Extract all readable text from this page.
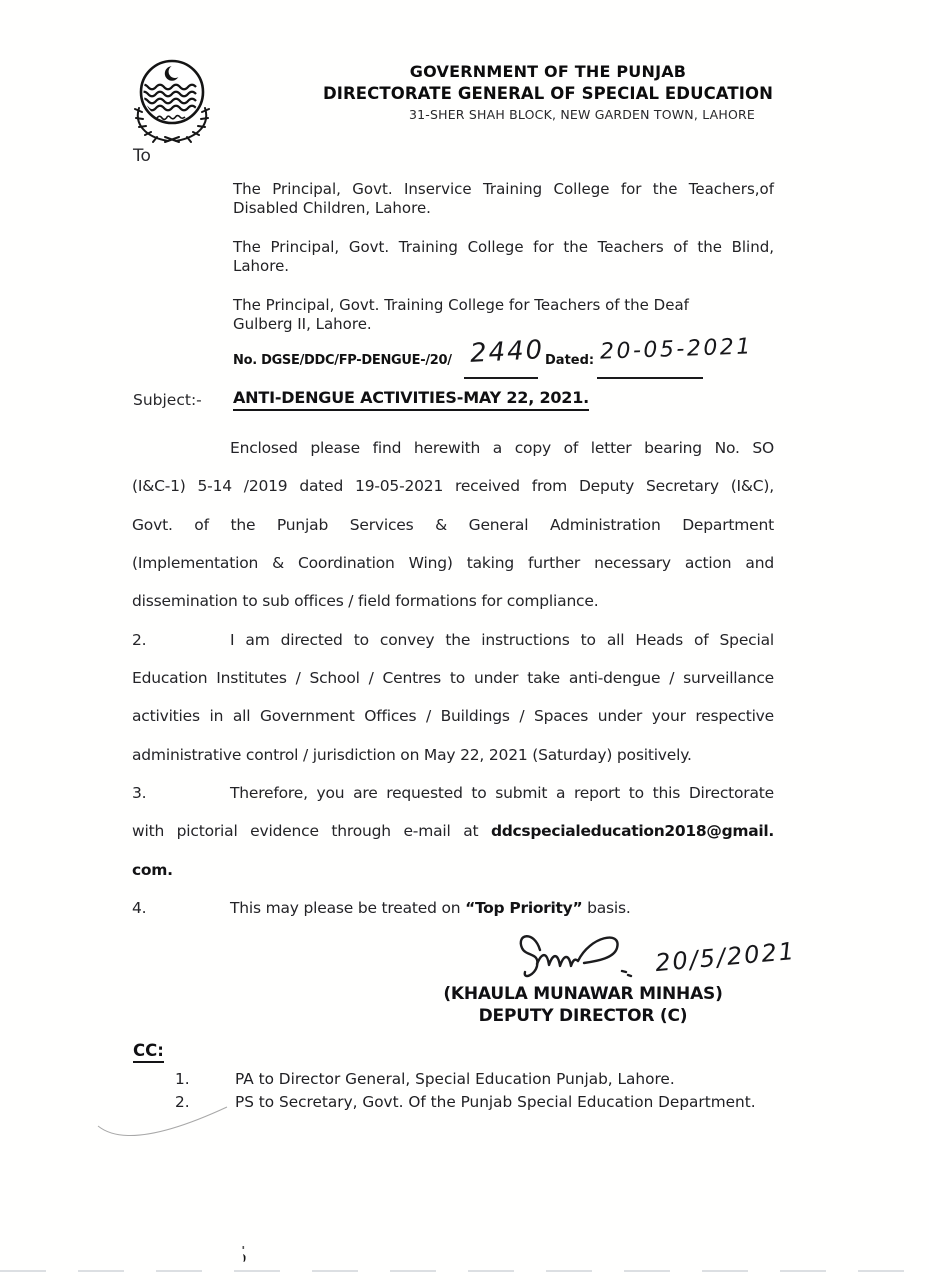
GOVERNMENT OF THE PUNJAB
DIRECTORATE GENERAL OF SPECIAL EDUCATION
31-SHER SHAH BLOCK, NEW GARDEN TOWN, LAHORE
To
The Principal, Govt. Inservice Training College for the Teachers,of
Disabled Children, Lahore.
The Principal, Govt. Training College for the Teachers of the Blind,
Lahore.
The Principal, Govt. Training College for Teachers of the Deaf
Gulberg II, Lahore.
No. DGSE/DDC/FP-DENGUE-/20/ 2440 Dated: 20-05-2021
Subject:- ANTI-DENGUE ACTIVITIES-MAY 22, 2021.
Enclosed please find herewith a copy of letter bearing No. SO
(I&C-1) 5-14 /2019 dated 19-05-2021 received from Deputy Secretary (I&C),
Govt. of the Punjab Services & General Administration Department
(Implementation & Coordination Wing) taking further necessary action and
dissemination to sub offices / field formations for compliance.
2.	I am directed to convey the instructions to all Heads of Special
Education Institutes / School / Centres to under take anti-dengue / surveillance
activities in all Government Offices / Buildings / Spaces under your respective
administrative control / jurisdiction on May 22, 2021 (Saturday) positively.
3.	Therefore, you are requested to submit a report to this Directorate
with pictorial evidence through e-mail at ddcspecialeducation2018@gmail.
com.
4.	This may please be treated on “Top Priority” basis.
20/5/2021
(KHAULA MUNAWAR MINHAS)
DEPUTY DIRECTOR (C)
CC:
1.	PA to Director General, Special Education Punjab, Lahore.
2.	PS to Secretary, Govt. Of the Punjab Special Education Department.
